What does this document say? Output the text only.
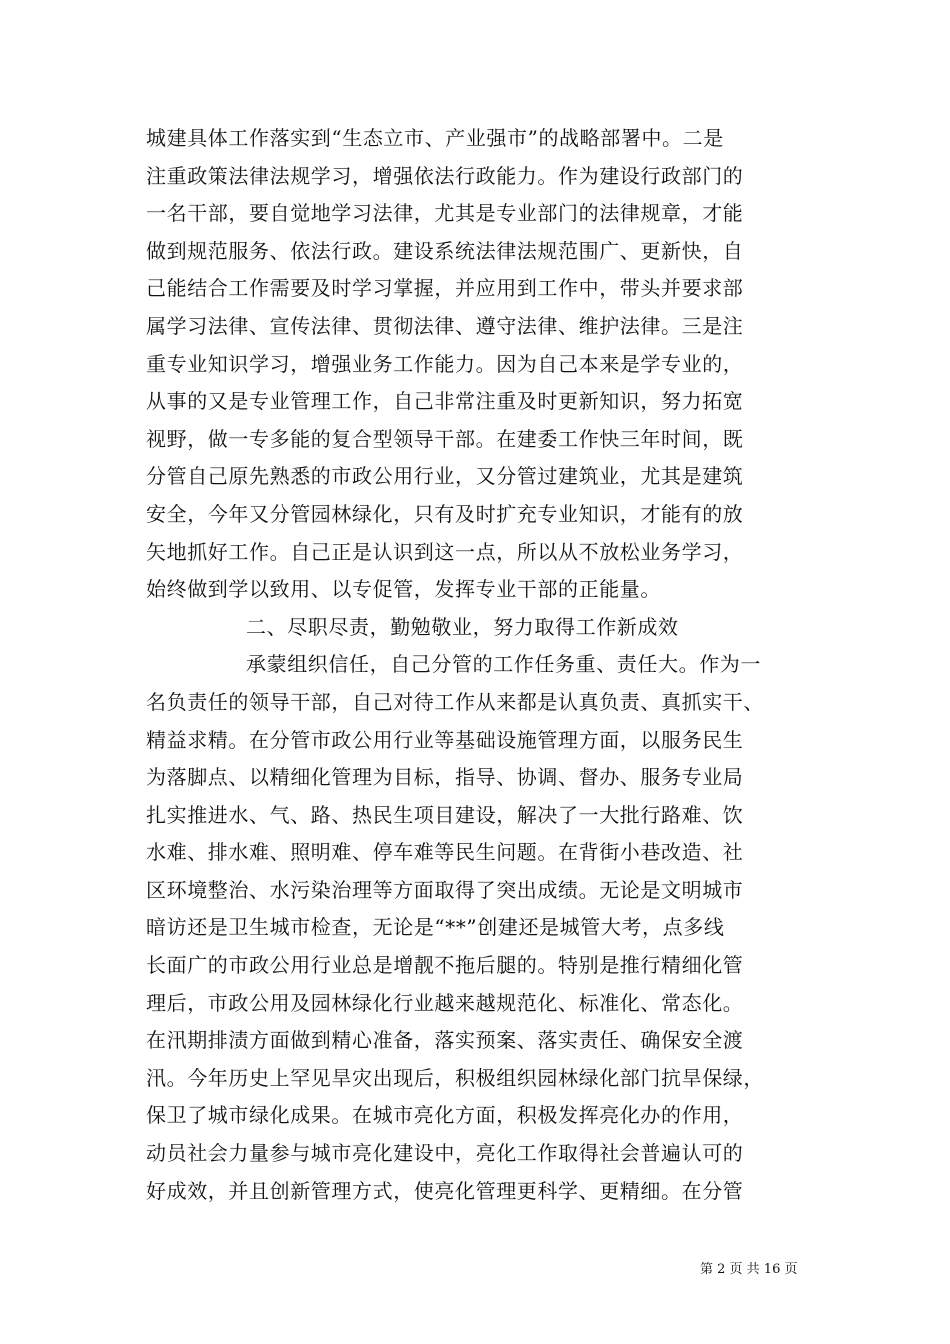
城建具体工作落实到“生态立市、产业强市”的战略部署中。二是
注重政策法律法规学习，增强依法行政能力。作为建设行政部门的
一名干部，要自觉地学习法律，尤其是专业部门的法律规章，才能
做到规范服务、依法行政。建设系统法律法规范围广、更新快，自
己能结合工作需要及时学习掌握，并应用到工作中，带头并要求部
属学习法律、宣传法律、贯彻法律、遵守法律、维护法律。三是注
重专业知识学习，增强业务工作能力。因为自己本来是学专业的，
从事的又是专业管理工作，自己非常注重及时更新知识，努力拓宽
视野，做一专多能的复合型领导干部。在建委工作快三年时间，既
分管自己原先熟悉的市政公用行业，又分管过建筑业，尤其是建筑
安全，今年又分管园林绿化，只有及时扩充专业知识，才能有的放
矢地抓好工作。自己正是认识到这一点，所以从不放松业务学习，
始终做到学以致用、以专促管，发挥专业干部的正能量。
二、尽职尽责，勤勉敬业，努力取得工作新成效
承蒙组织信任，自己分管的工作任务重、责任大。作为一
名负责任的领导干部，自己对待工作从来都是认真负责、真抓实干、
精益求精。在分管市政公用行业等基础设施管理方面，以服务民生
为落脚点、以精细化管理为目标，指导、协调、督办、服务专业局
扎实推进水、气、路、热民生项目建设，解决了一大批行路难、饮
水难、排水难、照明难、停车难等民生问题。在背街小巷改造、社
区环境整治、水污染治理等方面取得了突出成绩。无论是文明城市
暗访还是卫生城市检查，无论是“**”创建还是城管大考，点多线
长面广的市政公用行业总是增靓不拖后腿的。特别是推行精细化管
理后，市政公用及园林绿化行业越来越规范化、标准化、常态化。
在汛期排渍方面做到精心准备，落实预案、落实责任、确保安全渡
汛。今年历史上罕见旱灾出现后，积极组织园林绿化部门抗旱保绿，
保卫了城市绿化成果。在城市亮化方面，积极发挥亮化办的作用，
动员社会力量参与城市亮化建设中，亮化工作取得社会普遍认可的
好成效，并且创新管理方式，使亮化管理更科学、更精细。在分管
第 2 页 共 16 页
